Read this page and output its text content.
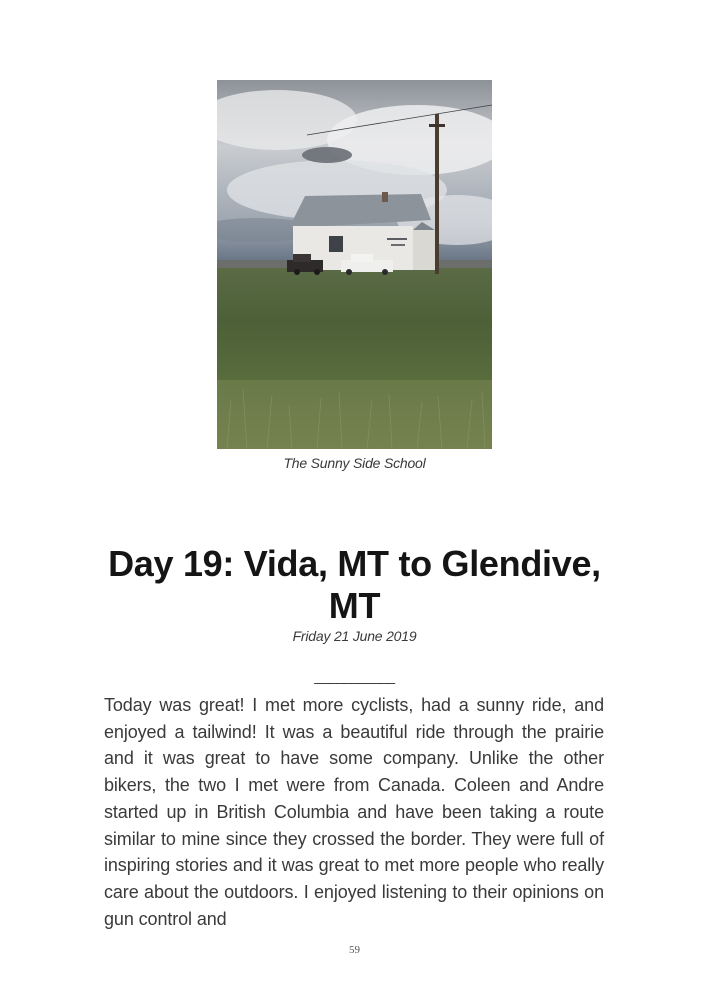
The Sunny Side School
Day 19: Vida, MT to Glendive, MT
Friday 21 June 2019
___________

Today was great! I met more cyclists, had a sunny ride, and enjoyed a tailwind! It was a beautiful ride through the prairie and it was great to have some company. Unlike the other bikers, the two I met were from Canada. Coleen and Andre started up in British Columbia and have been taking a route similar to mine since they crossed the border. They were full of inspiring stories and it was great to met more people who really care about the outdoors. I enjoyed listening to their opinions on gun control and

59
